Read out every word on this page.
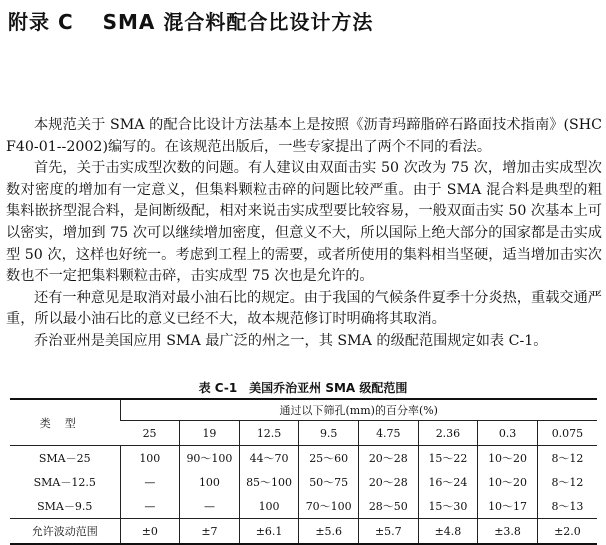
附录 C　 SMA 混合料配合比设计方法

本规范关于 SMA 的配合比设计方法基本上是按照《沥青玛蹄脂碎石路面技术指南》(SHC F40-01--2002)编写的。在该规范出版后，一些专家提出了两个不同的看法。

首先，关于击实成型次数的问题。有人建议由双面击实 50 次改为 75 次，增加击实成型次数对密度的增加有一定意义，但集料颗粒击碎的问题比较严重。由于 SMA 混合料是典型的粗集料嵌挤型混合料，是间断级配，相对来说击实成型要比较容易，一般双面击实 50 次基本上可以密实，增加到 75 次可以继续增加密度，但意义不大，所以国际上绝大部分的国家都是击实成型 50 次，这样也好统一。考虑到工程上的需要，或者所使用的集料相当坚硬，适当增加击实次数也不一定把集料颗粒击碎，击实成型 75 次也是允许的。

还有一种意见是取消对最小油石比的规定。由于我国的气候条件夏季十分炎热，重载交通严重，所以最小油石比的意义已经不大，故本规范修订时明确将其取消。

乔治亚州是美国应用 SMA 最广泛的州之一，其 SMA 的级配范围规定如表 C-1。

表 C-1　美国乔治亚州 SMA 级配范围
类型	通过以下筛孔(mm)的百分率(%)							
	25	19	12.5	9.5	4.75	2.36	0.3	0.075
SMA－25	100	90～100	44～70	25～60	20～28	15～22	10～20	8～12
SMA－12.5	—	100	85～100	50～75	20～28	16～24	10～20	8～12
SMA－9.5	—	—	100	70～100	28～50	15～30	10～17	8～13
允许波动范围	±0	±7	±6.1	±5.6	±5.7	±4.8	±3.8	±2.0
